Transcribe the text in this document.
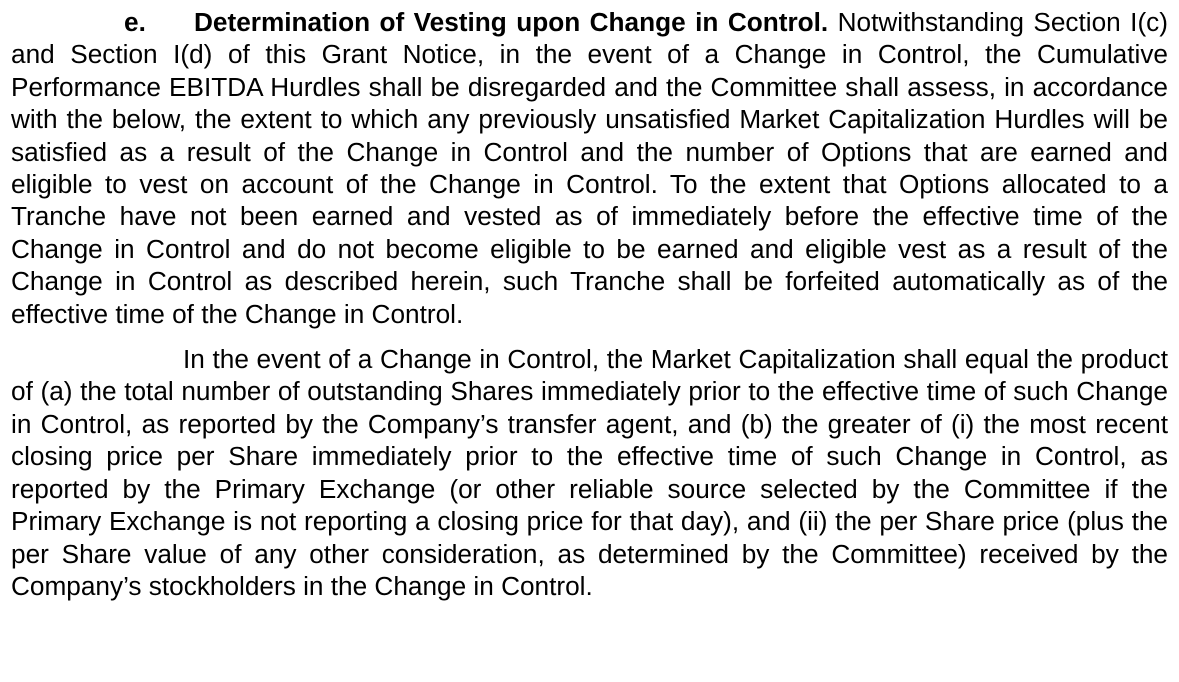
e. Determination of Vesting upon Change in Control. Notwithstanding Section I(c) and Section I(d) of this Grant Notice, in the event of a Change in Control, the Cumulative Performance EBITDA Hurdles shall be disregarded and the Committee shall assess, in accordance with the below, the extent to which any previously unsatisfied Market Capitalization Hurdles will be satisfied as a result of the Change in Control and the number of Options that are earned and eligible to vest on account of the Change in Control. To the extent that Options allocated to a Tranche have not been earned and vested as of immediately before the effective time of the Change in Control and do not become eligible to be earned and eligible vest as a result of the Change in Control as described herein, such Tranche shall be forfeited automatically as of the effective time of the Change in Control.

In the event of a Change in Control, the Market Capitalization shall equal the product of (a) the total number of outstanding Shares immediately prior to the effective time of such Change in Control, as reported by the Company’s transfer agent, and (b) the greater of (i) the most recent closing price per Share immediately prior to the effective time of such Change in Control, as reported by the Primary Exchange (or other reliable source selected by the Committee if the Primary Exchange is not reporting a closing price for that day), and (ii) the per Share price (plus the per Share value of any other consideration, as determined by the Committee) received by the Company’s stockholders in the Change in Control.
